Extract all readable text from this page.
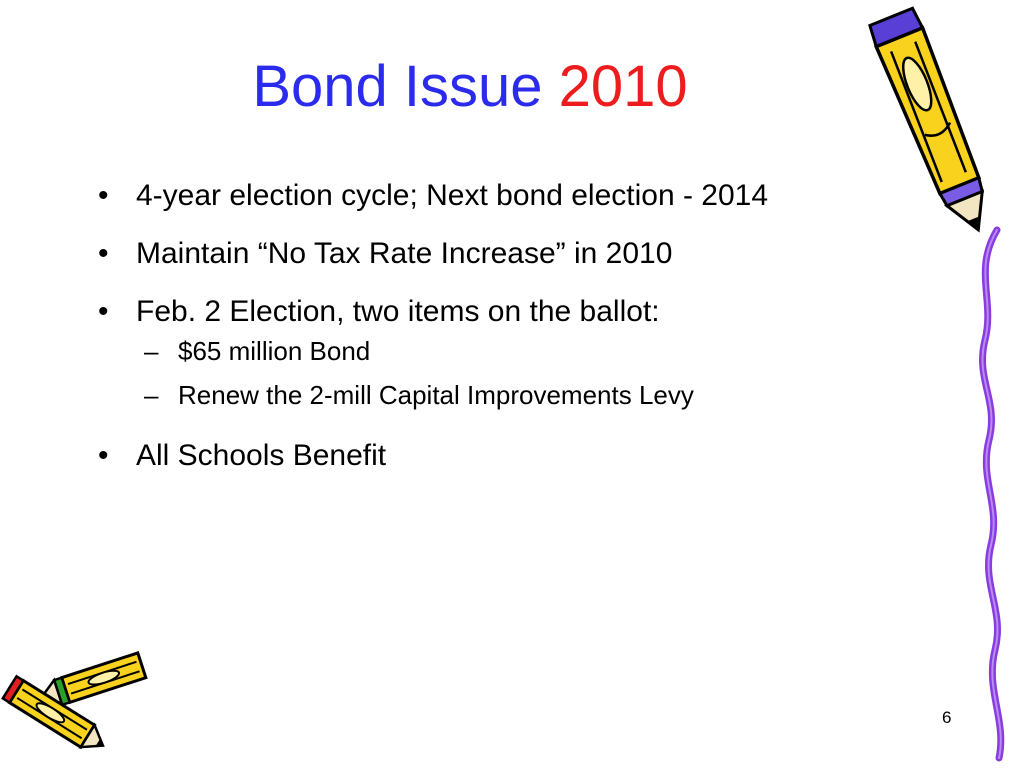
Bond Issue 2010
• 4-year election cycle; Next bond election - 2014
• Maintain “No Tax Rate Increase” in 2010
• Feb. 2 Election, two items on the ballot:
– $65 million Bond
– Renew the 2-mill Capital Improvements Levy
• All Schools Benefit
6
